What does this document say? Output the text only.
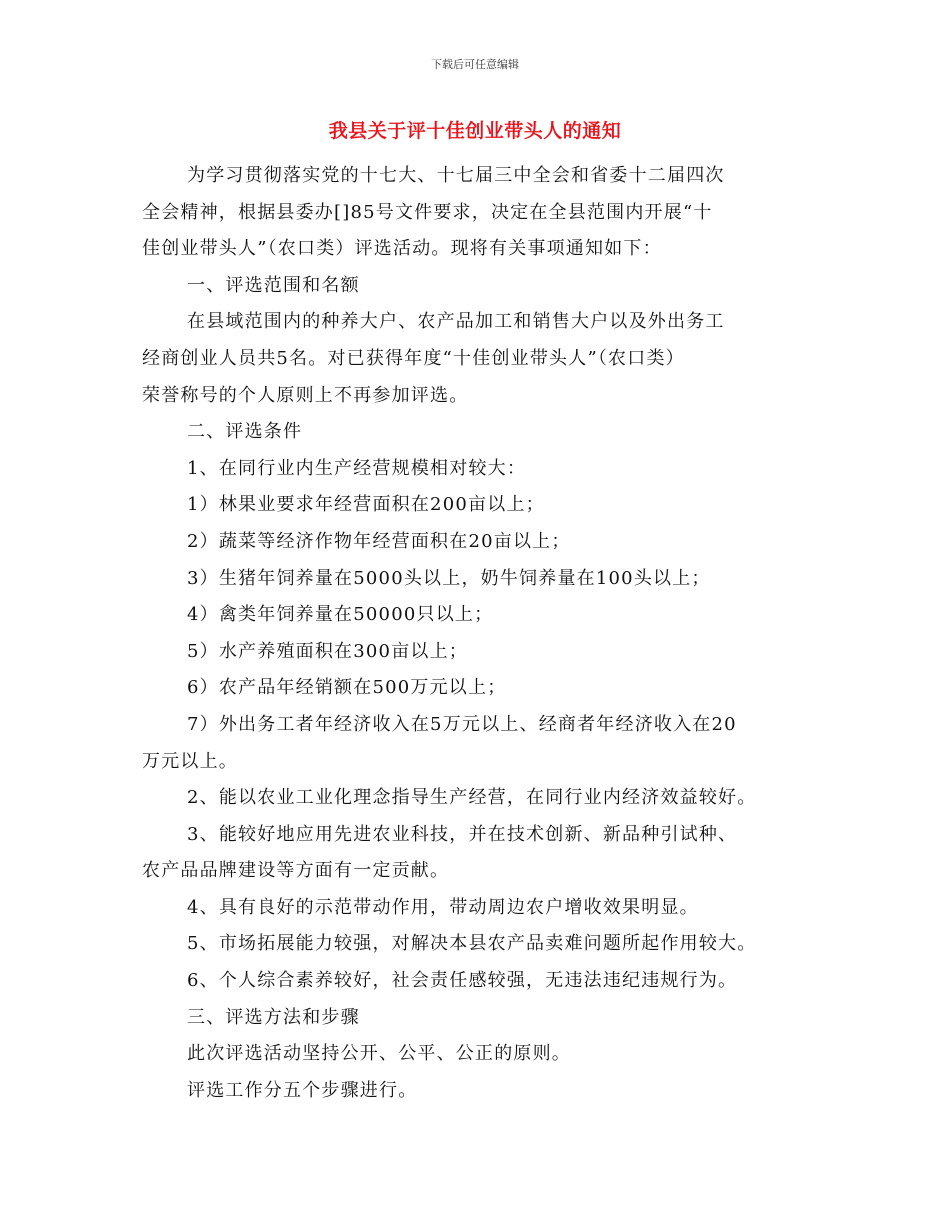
下载后可任意编辑
我县关于评十佳创业带头人的通知
为学习贯彻落实党的十七大、十七届三中全会和省委十二届四次
全会精神，根据县委办[]85号文件要求，决定在全县范围内开展“十
佳创业带头人”（农口类）评选活动。现将有关事项通知如下：
一、评选范围和名额
在县域范围内的种养大户、农产品加工和销售大户以及外出务工
经商创业人员共5名。对已获得年度“十佳创业带头人”（农口类）
荣誉称号的个人原则上不再参加评选。
二、评选条件
1、在同行业内生产经营规模相对较大：
1）林果业要求年经营面积在200亩以上；
2）蔬菜等经济作物年经营面积在20亩以上；
3）生猪年饲养量在5000头以上，奶牛饲养量在100头以上；
4）禽类年饲养量在50000只以上；
5）水产养殖面积在300亩以上；
6）农产品年经销额在500万元以上；
7）外出务工者年经济收入在5万元以上、经商者年经济收入在20
万元以上。
2、能以农业工业化理念指导生产经营，在同行业内经济效益较好。
3、能较好地应用先进农业科技，并在技术创新、新品种引试种、
农产品品牌建设等方面有一定贡献。
4、具有良好的示范带动作用，带动周边农户增收效果明显。
5、市场拓展能力较强，对解决本县农产品卖难问题所起作用较大。
6、个人综合素养较好，社会责任感较强，无违法违纪违规行为。
三、评选方法和步骤
此次评选活动坚持公开、公平、公正的原则。
评选工作分五个步骤进行。
